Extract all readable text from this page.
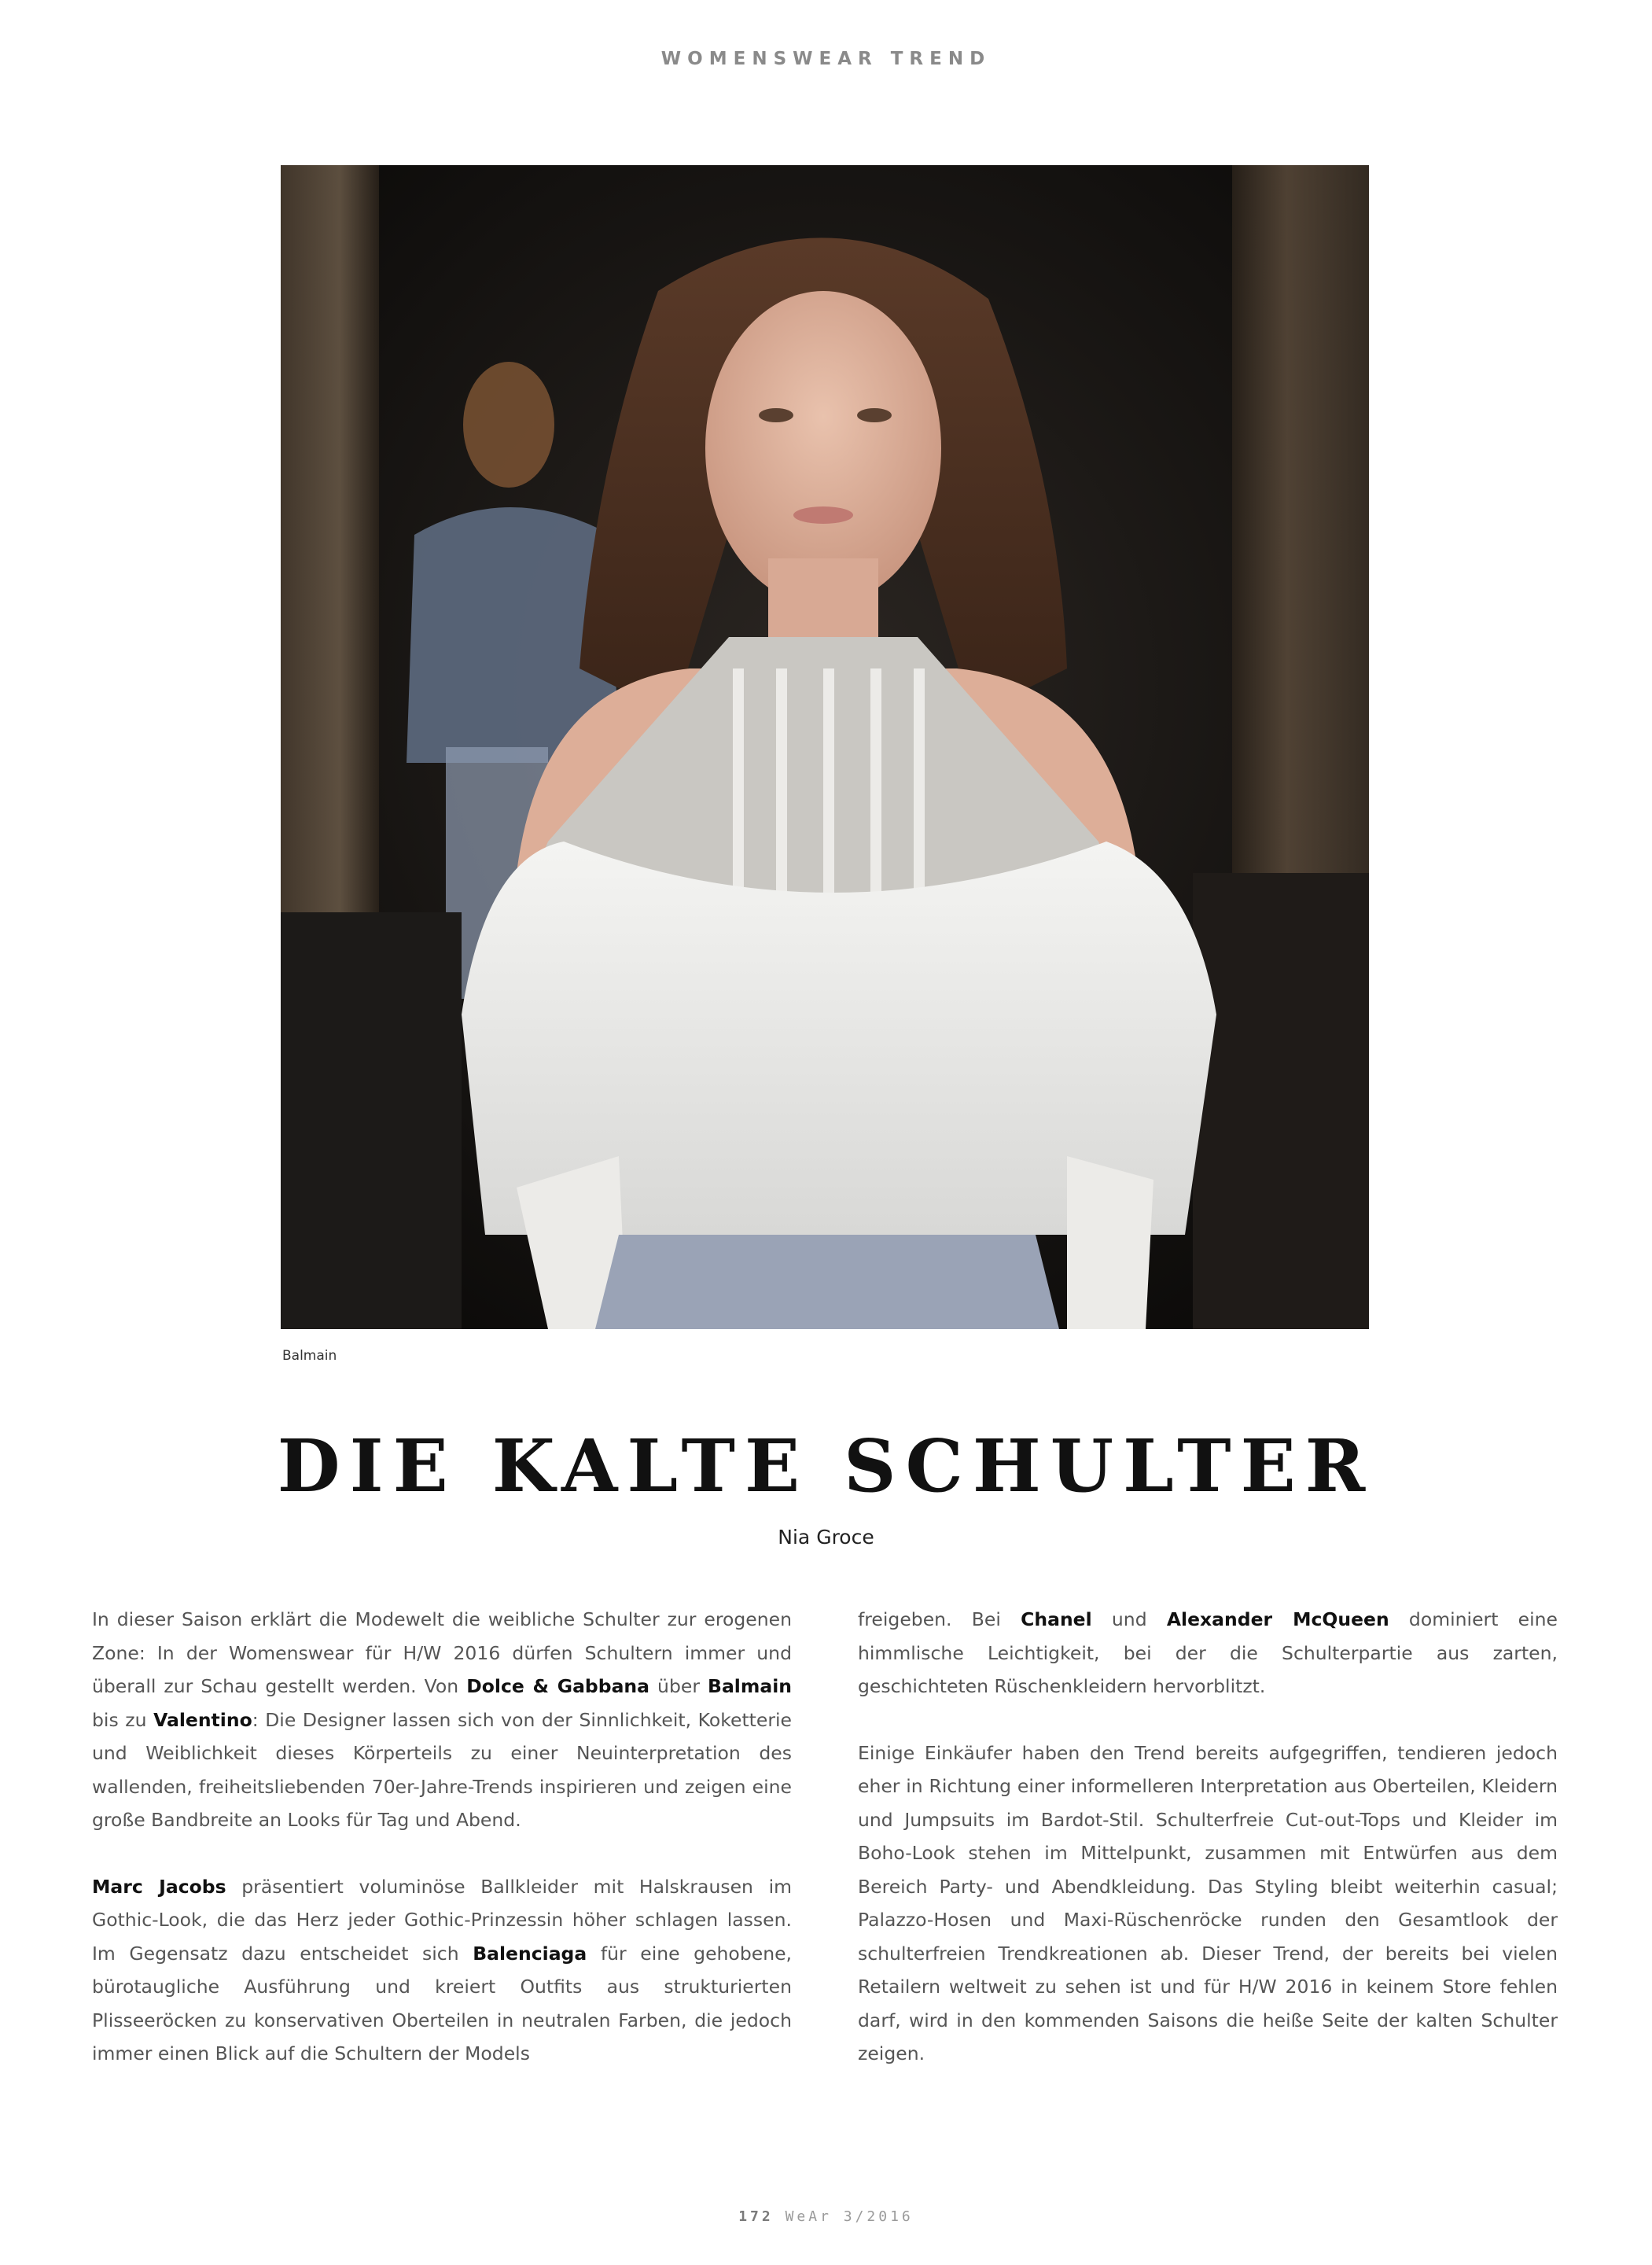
WOMENSWEAR TREND
Balmain
DIE KALTE SCHULTER
Nia Groce

In dieser Saison erklärt die Modewelt die weibliche Schulter zur erogenen Zone: In der Womenswear für H/W 2016 dürfen Schultern immer und überall zur Schau gestellt werden. Von Dolce & Gabbana über Balmain bis zu Valentino: Die Designer lassen sich von der Sinnlichkeit, Koketterie und Weiblichkeit dieses Körperteils zu einer Neuinterpretation des wallenden, freiheitsliebenden 70er-Jahre-Trends inspirieren und zeigen eine große Bandbreite an Looks für Tag und Abend.

Marc Jacobs präsentiert voluminöse Ballkleider mit Halskrausen im Gothic-Look, die das Herz jeder Gothic-Prinzessin höher schlagen lassen. Im Gegensatz dazu entscheidet sich Balenciaga für eine gehobene, bürotaugliche Ausführung und kreiert Outfits aus strukturierten Plisseeröcken zu konservativen Oberteilen in neutralen Farben, die jedoch immer einen Blick auf die Schultern der Models

freigeben. Bei Chanel und Alexander McQueen dominiert eine himmlische Leichtigkeit, bei der die Schulterpartie aus zarten, geschichteten Rüschenkleidern hervorblitzt.

Einige Einkäufer haben den Trend bereits aufgegriffen, tendieren jedoch eher in Richtung einer informelleren Interpretation aus Oberteilen, Kleidern und Jumpsuits im Bardot-Stil. Schulterfreie Cut-out-Tops und Kleider im Boho-Look stehen im Mittelpunkt, zusammen mit Entwürfen aus dem Bereich Party- und Abendkleidung. Das Styling bleibt weiterhin casual; Palazzo-Hosen und Maxi-Rüschenröcke runden den Gesamtlook der schulterfreien Trendkreationen ab. Dieser Trend, der bereits bei vielen Retailern weltweit zu sehen ist und für H/W 2016 in keinem Store fehlen darf, wird in den kommenden Saisons die heiße Seite der kalten Schulter zeigen.

172 WeAr 3/2016
